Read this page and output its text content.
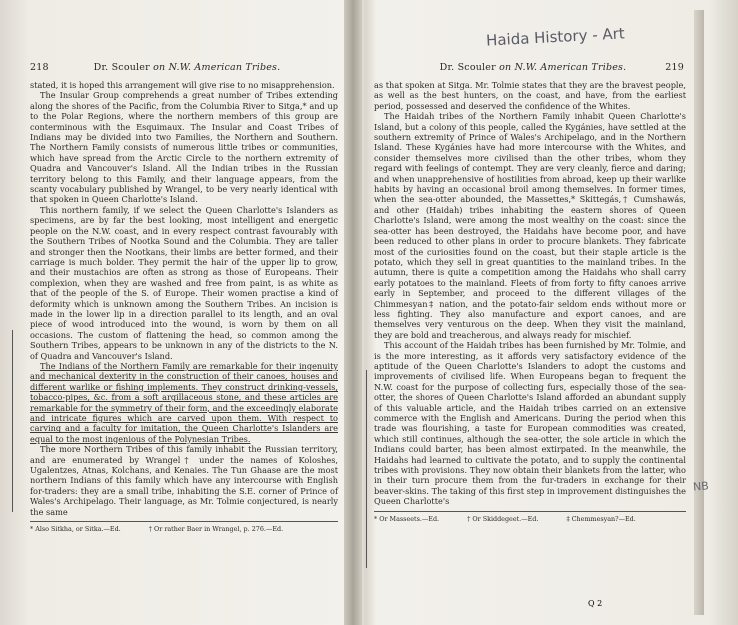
Haida History - Art
NB
218	Dr. Scouler on N.W. American Tribes.

stated, it is hoped this arrangement will give rise to no misapprehension.

The Insular Group comprehends a great number of Tribes extending along the shores of the Pacific, from the Columbia River to Sitga,* and up to the Polar Regions, where the northern members of this group are conterminous with the Esquimaux. The Insular and Coast Tribes of Indians may be divided into two Families, the Northern and Southern. The Northern Family consists of numerous little tribes or communities, which have spread from the Arctic Circle to the northern extremity of Quadra and Vancouver's Island. All the Indian tribes in the Russian territory belong to this Family, and their language appears, from the scanty vocabulary published by Wrangel, to be very nearly identical with that spoken in Queen Charlotte's Island.

This northern family, if we select the Queen Charlotte's Islanders as specimens, are by far the best looking, most intelligent and energetic people on the N.W. coast, and in every respect contrast favourably with the Southern Tribes of Nootka Sound and the Columbia. They are taller and stronger then the Nootkans, their limbs are better formed, and their carriage is much bolder. They permit the hair of the upper lip to grow, and their mustachios are often as strong as those of Europeans. Their complexion, when they are washed and free from paint, is as white as that of the people of the S. of Europe. Their women practise a kind of deformity which is unknown among the Southern Tribes. An incision is made in the lower lip in a direction parallel to its length, and an oval piece of wood introduced into the wound, is worn by them on all occasions. The custom of flattening the head, so common among the Southern Tribes, appears to be unknown in any of the districts to the N. of Quadra and Vancouver's Island.

The Indians of the Northern Family are remarkable for their ingenuity and mechanical dexterity in the construction of their canoes, houses and different warlike or fishing implements. They construct drinking-vessels, tobacco-pipes, &c. from a soft argillaceous stone, and these articles are remarkable for the symmetry of their form, and the exceedingly elaborate and intricate figures which are carved upon them. With respect to carving and a faculty for imitation, the Queen Charlotte's Islanders are equal to the most ingenious of the Polynesian Tribes.

The more Northern Tribes of this family inhabit the Russian territory, and are enumerated by Wrangel† under the names of Koloshes, Ugalentzes, Atnas, Kolchans, and Kenaies. The Tun Ghaase are the most northern Indians of this family which have any intercourse with English for-traders: they are a small tribe, inhabiting the S.E. corner of Prince of Wales's Archipelago. Their language, as Mr. Tolmie conjectured, is nearly the same

* Also Sitkha, or Sitka.—Ed.	† Or rather Baer in Wrangel, p. 276.—Ed.
Dr. Scouler on N.W. American Tribes.	219

as that spoken at Sitga. Mr. Tolmie states that they are the bravest people, as well as the best hunters, on the coast, and have, from the earliest period, possessed and deserved the confidence of the Whites.

The Haidah tribes of the Northern Family inhabit Queen Charlotte's Island, but a colony of this people, called the Kygánies, have settled at the southern extremity of Prince of Wales's Archipelago, and in the Northern Island. These Kygánies have had more intercourse with the Whites, and consider themselves more civilised than the other tribes, whom they regard with feelings of contempt. They are very cleanly, fierce and daring; and when unapprehensive of hostilities from abroad, keep up their warlike habits by having an occasional broil among themselves. In former times, when the sea-otter abounded, the Massettes,* Skittegás,† Cumshawás, and other (Haidah) tribes inhabiting the eastern shores of Queen Charlotte's Island, were among the most wealthy on the coast: since the sea-otter has been destroyed, the Haidahs have become poor, and have been reduced to other plans in order to procure blankets. They fabricate most of the curiosities found on the coast, but their staple article is the potato, which they sell in great quantities to the mainland tribes. In the autumn, there is quite a competition among the Haidahs who shall carry early potatoes to the mainland. Fleets of from forty to fifty canoes arrive early in September, and proceed to the different villages of the Chimmesyan‡ nation, and the potato-fair seldom ends without more or less fighting. They also manufacture and export canoes, and are themselves very venturous on the deep. When they visit the mainland, they are bold and treacherous, and always ready for mischief.

This account of the Haidah tribes has been furnished by Mr. Tolmie, and is the more interesting, as it affords very satisfactory evidence of the aptitude of the Queen Charlotte's Islanders to adopt the customs and improvements of civilised life. When Europeans began to frequent the N.W. coast for the purpose of collecting furs, especially those of the sea-otter, the shores of Queen Charlotte's Island afforded an abundant supply of this valuable article, and the Haidah tribes carried on an extensive commerce with the English and Americans. During the period when this trade was flourishing, a taste for European commodities was created, which still continues, although the sea-otter, the sole article in which the Indians could barter, has been almost extirpated. In the meanwhile, the Haidahs had learned to cultivate the potato, and to supply the continental tribes with provisions. They now obtain their blankets from the latter, who in their turn procure them from the fur-traders in exchange for their beaver-skins. The taking of this first step in improvement distinguishes the Queen Charlotte's

* Or Masseets.—Ed.	† Or Skiddegeet.—Ed.	‡ Chemmesyan?—Ed.
Q 2
